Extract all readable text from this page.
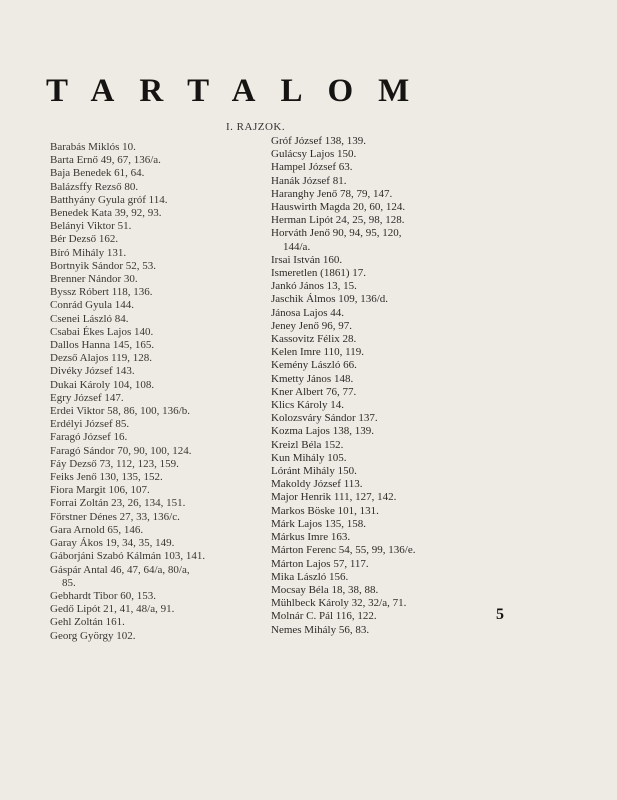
TARTALOM
I. RAJZOK.
Barabás Miklós 10.
Barta Ernő 49, 67, 136/a.
Baja Benedek 61, 64.
Balázsffy Rezső 80.
Batthyány Gyula gróf 114.
Benedek Kata 39, 92, 93.
Belányi Viktor 51.
Bér Dezső 162.
Bíró Mihály 131.
Bortnyik Sándor 52, 53.
Brenner Nándor 30.
Byssz Róbert 118, 136.
Conrád Gyula 144.
Csenei László 84.
Csabai Ékes Lajos 140.
Dallos Hanna 145, 165.
Dezső Alajos 119, 128.
Divéky József 143.
Dukai Károly 104, 108.
Egry József 147.
Erdei Viktor 58, 86, 100, 136/b.
Erdélyi József 85.
Faragó József 16.
Faragó Sándor 70, 90, 100, 124.
Fáy Dezső 73, 112, 123, 159.
Feiks Jenő 130, 135, 152.
Fiora Margit 106, 107.
Forrai Zoltán 23, 26, 134, 151.
Förstner Dénes 27, 33, 136/c.
Gara Arnold 65, 146.
Garay Ákos 19, 34, 35, 149.
Gáborjáni Szabó Kálmán 103, 141.
Gáspár Antal 46, 47, 64/a, 80/a,
85.
Gebhardt Tibor 60, 153.
Gedő Lipót 21, 41, 48/a, 91.
Gehl Zoltán 161.
Georg György 102.
Gróf József 138, 139.
Gulácsy Lajos 150.
Hampel József 63.
Hanák József 81.
Haranghy Jenő 78, 79, 147.
Hauswirth Magda 20, 60, 124.
Herman Lipót 24, 25, 98, 128.
Horváth Jenő 90, 94, 95, 120,
144/a.
Irsai István 160.
Ismeretlen (1861) 17.
Jankó János 13, 15.
Jaschik Álmos 109, 136/d.
Jánosa Lajos 44.
Jeney Jenő 96, 97.
Kassovitz Félix 28.
Kelen Imre 110, 119.
Kemény László 66.
Kmetty János 148.
Kner Albert 76, 77.
Klics Károly 14.
Kolozsváry Sándor 137.
Kozma Lajos 138, 139.
Kreizl Béla 152.
Kun Mihály 105.
Lóránt Mihály 150.
Makoldy József 113.
Major Henrik 111, 127, 142.
Markos Böske 101, 131.
Márk Lajos 135, 158.
Márkus Imre 163.
Márton Ferenc 54, 55, 99, 136/e.
Márton Lajos 57, 117.
Mika László 156.
Mocsay Béla 18, 38, 88.
Mühlbeck Károly 32, 32/a, 71.
Molnár C. Pál 116, 122.
Nemes Mihály 56, 83.
5
